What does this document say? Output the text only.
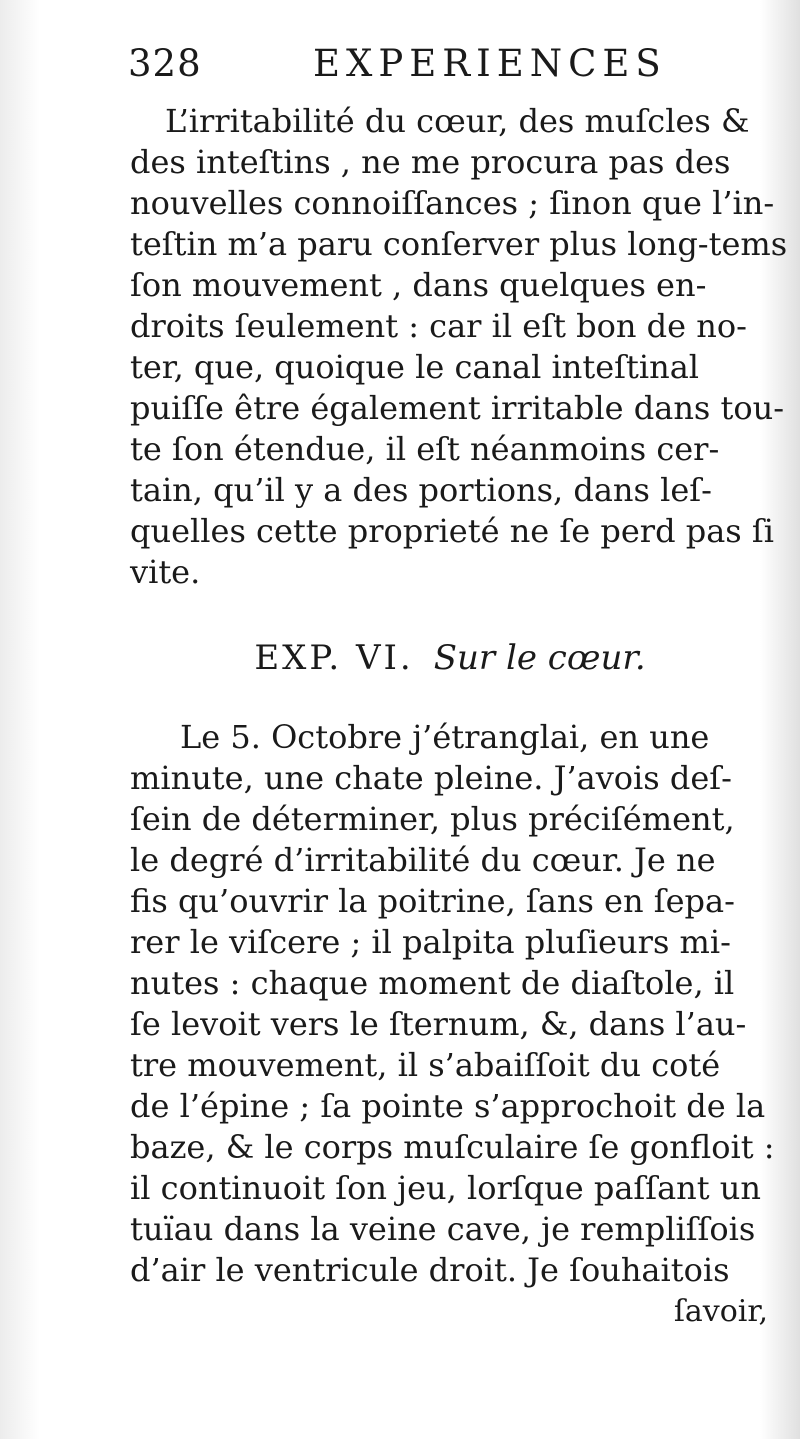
328	EXPERIENCES
L’irritabilité du cœur, des muſcles &
des inteſtins , ne me procura pas des
nouvelles connoiſſances ; ſinon que l’in-
teſtin m’a paru conſerver plus long-tems
ſon mouvement , dans quelques en-
droits ſeulement : car il eſt bon de no-
ter, que, quoique le canal inteſtinal
puiſſe être également irritable dans tou-
te ſon étendue, il eſt néanmoins cer-
tain, qu’il y a des portions, dans leſ-
quelles cette proprieté ne ſe perd pas ſi
vite.
EXP. VI. Sur le cœur.
Le 5. Octobre j’étranglai, en une
minute, une chate pleine. J’avois deſ-
ſein de déterminer, plus préciſément,
le degré d’irritabilité du cœur. Je ne
fis qu’ouvrir la poitrine, ſans en ſepa-
rer le viſcere ; il palpita pluſieurs mi-
nutes : chaque moment de diaſtole, il
ſe levoit vers le ſternum, &, dans l’au-
tre mouvement, il s’abaiſſoit du coté
de l’épine ; ſa pointe s’approchoit de la
baze, & le corps muſculaire ſe gonfloit :
il continuoit ſon jeu, lorſque paſſant un
tuïau dans la veine cave, je rempliſſois
d’air le ventricule droit. Je ſouhaitois
ſavoir,
